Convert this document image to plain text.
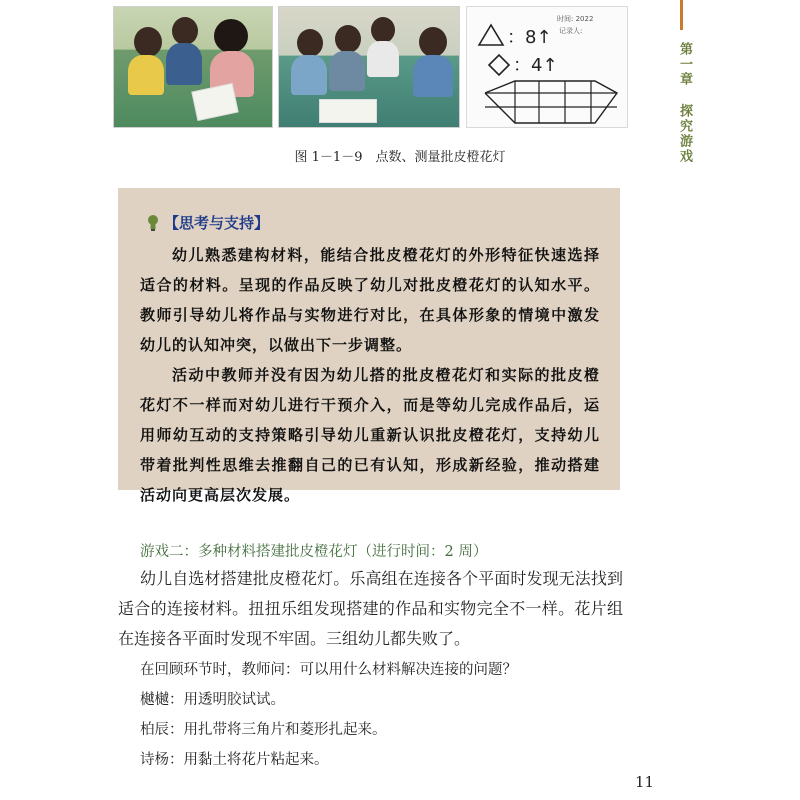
时间: 2022
记录人:
：8↑
：4↑
图 1－1－9　点数、测量批皮橙花灯
第一章 探究游戏
【思考与支持】

幼儿熟悉建构材料，能结合批皮橙花灯的外形特征快速选择适合的材料。呈现的作品反映了幼儿对批皮橙花灯的认知水平。教师引导幼儿将作品与实物进行对比，在具体形象的情境中激发幼儿的认知冲突，以做出下一步调整。

活动中教师并没有因为幼儿搭的批皮橙花灯和实际的批皮橙花灯不一样而对幼儿进行干预介入，而是等幼儿完成作品后，运用师幼互动的支持策略引导幼儿重新认识批皮橙花灯，支持幼儿带着批判性思维去推翻自己的已有认知，形成新经验，推动搭建活动向更高层次发展。

游戏二：多种材料搭建批皮橙花灯（进行时间：2 周）

幼儿自选材搭建批皮橙花灯。乐高组在连接各个平面时发现无法找到适合的连接材料。扭扭乐组发现搭建的作品和实物完全不一样。花片组在连接各平面时发现不牢固。三组幼儿都失败了。

在回顾环节时，教师问：可以用什么材料解决连接的问题？
樾樾：用透明胶试试。
柏辰：用扎带将三角片和菱形扎起来。
诗杨：用黏土将花片粘起来。
11
